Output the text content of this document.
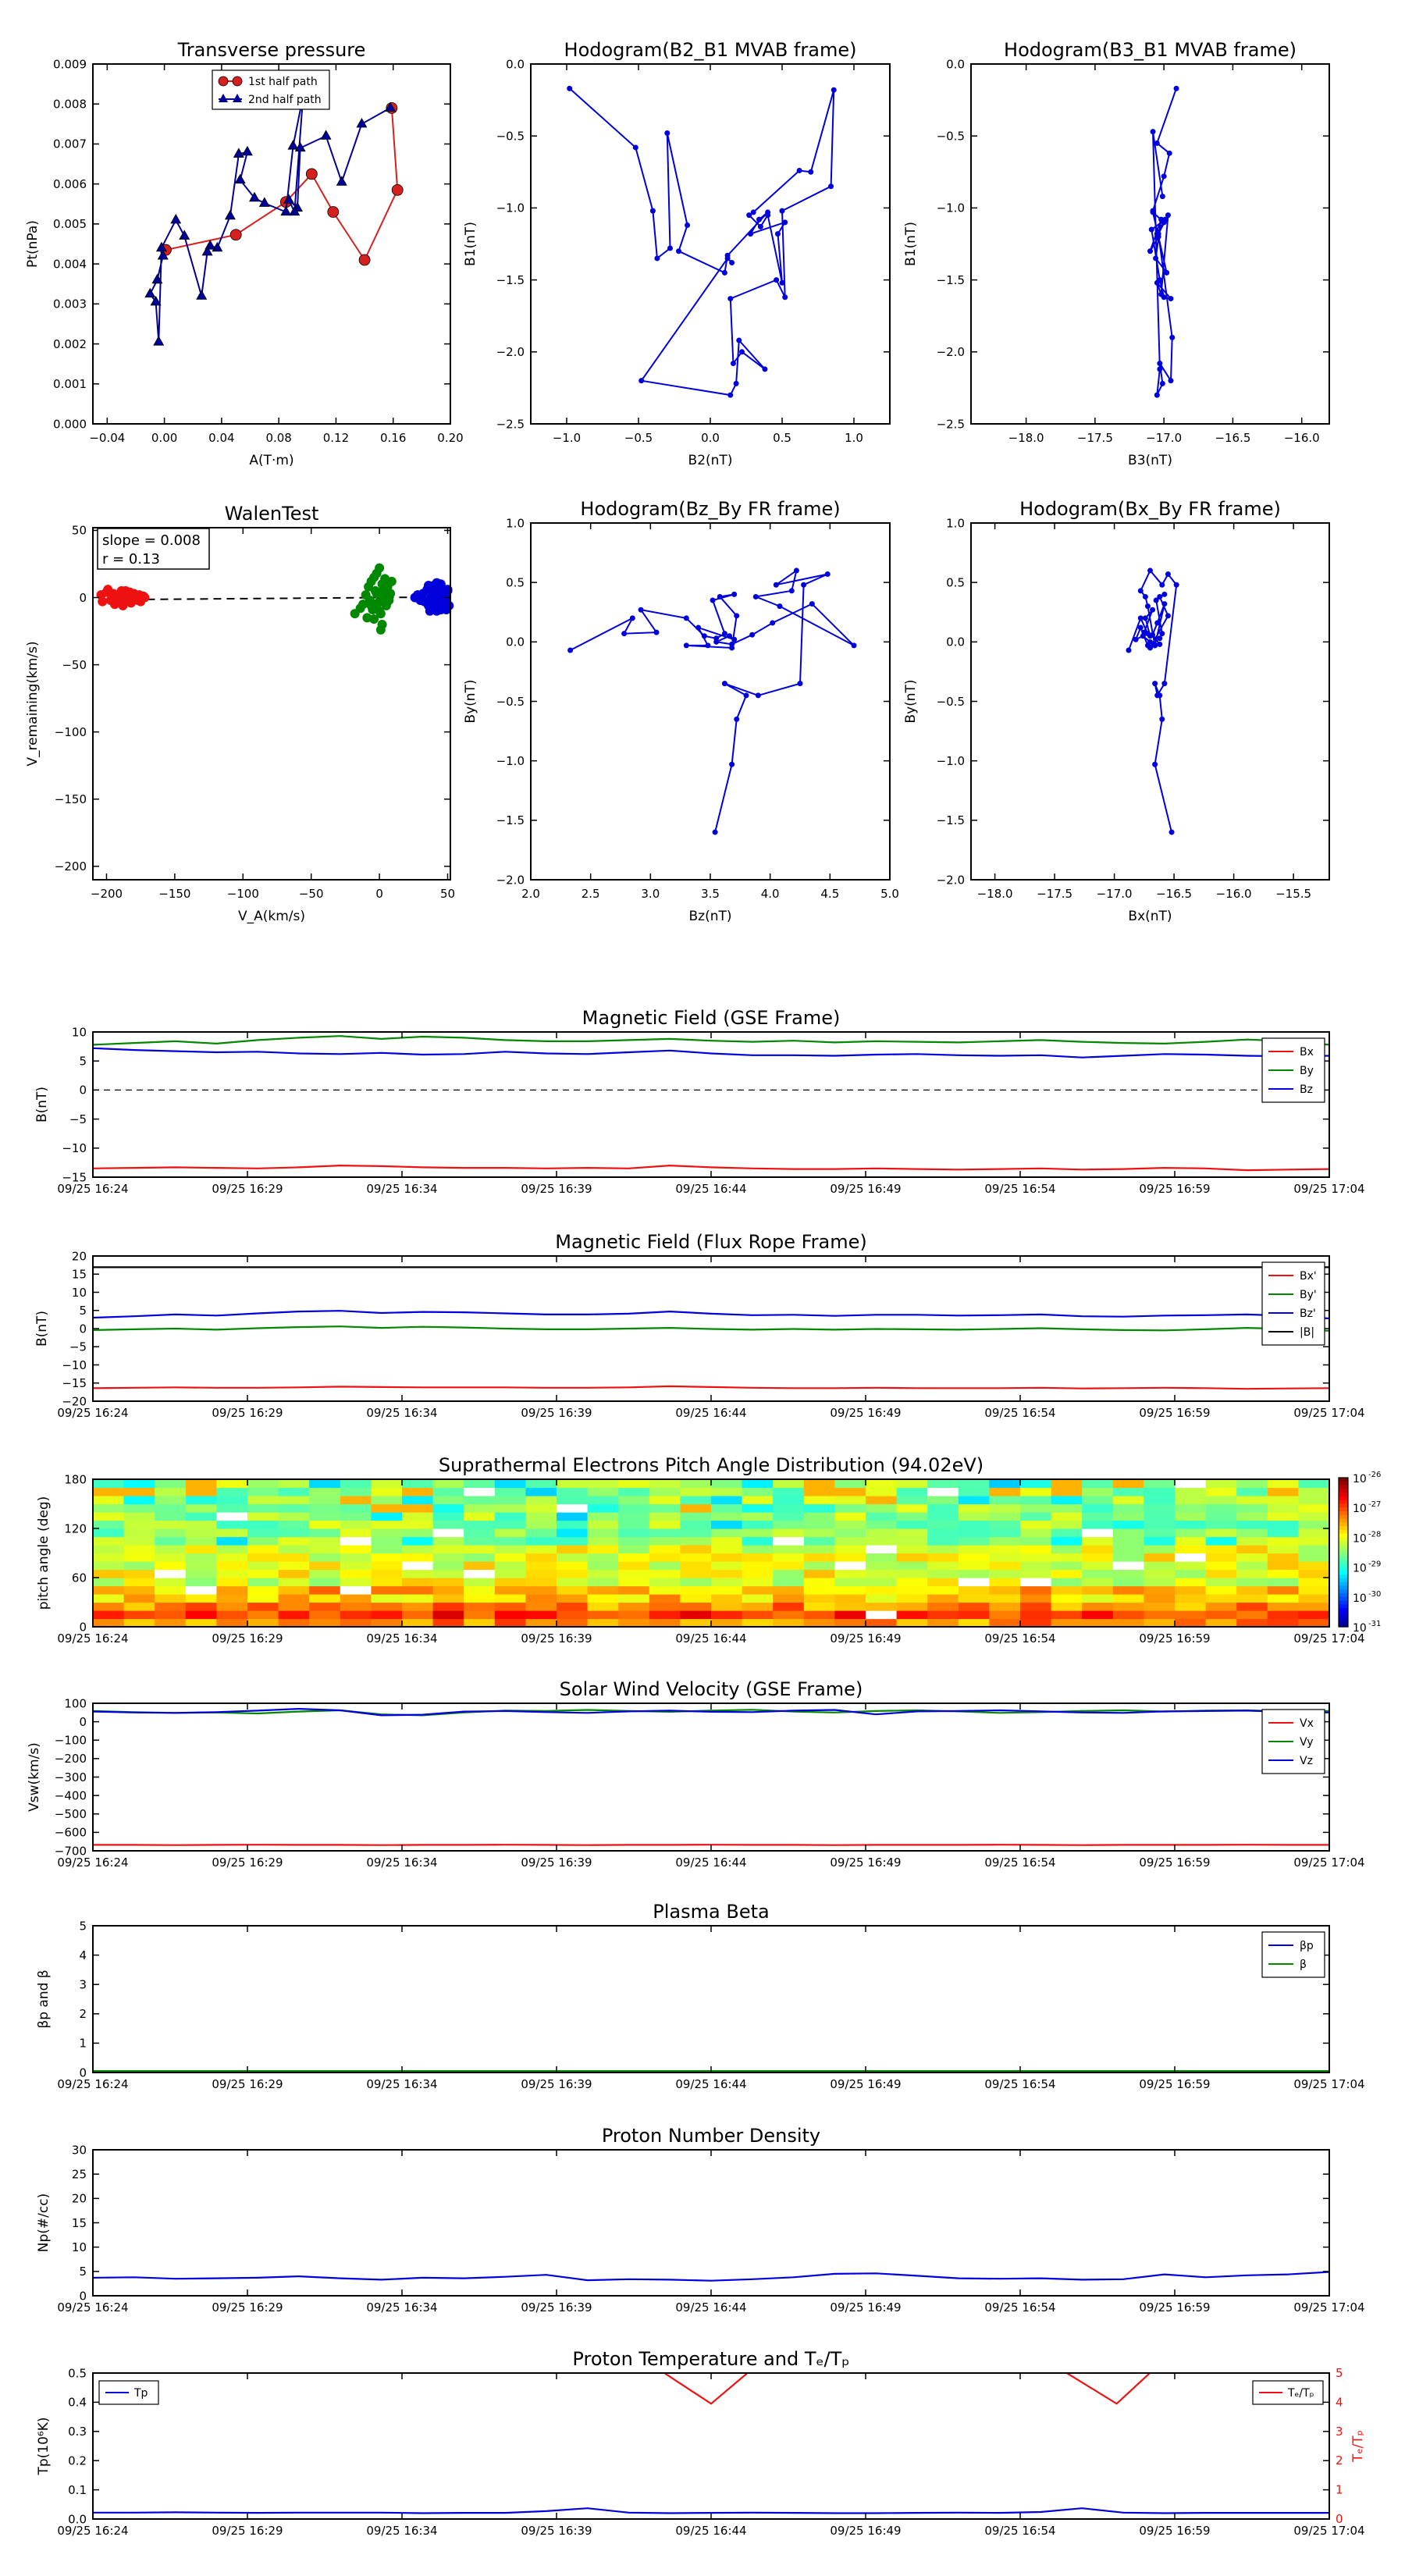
0.000
0.001
0.002
0.003
0.004
0.005
0.006
0.007
0.008
0.009
−0.04 0.00	0.04	0.08	0.12	0.16	0.20
Transverse pressure
Pt(nPa)
A(T·m)
1st half path
2nd half path
−2.5
−2.0
−1.5
−1.0
−0.5
0.0
−1.0	−0.5	0.0	0.5	1.0
Hodogram(B2_B1 MVAB frame)
B1(nT)
B2(nT)
−2.5
−2.0
−1.5
−1.0
−0.5
0.0
−18.0	−17.5	−17.0	−16.5	−16.0
Hodogram(B3_B1 MVAB frame)
B1(nT)
B3(nT)
−200
−150
−100
−50
0
50
−200	−150	−100	−50	0	50
WalenTest
V_remaining(km/s)
V_A(km/s)
slope = 0.008
r = 0.13
−2.0
−1.5
−1.0
−0.5
0.0
0.5
1.0
2.0	2.5	3.0	3.5	4.0	4.5	5.0
Hodogram(Bz_By FR frame)
By(nT)
Bz(nT)
−2.0
−1.5
−1.0
−0.5
0.0
0.5
1.0
−18.0 −17.5 −17.0 −16.5 −16.0 −15.5
Hodogram(Bx_By FR frame)
By(nT)
Bx(nT)
−15
−10
−5
0
5
10
09/25 16:24	09/25 16:29	09/25 16:34	09/25 16:39	09/25 16:44	09/25 16:49	09/25 16:54	09/25 16:59	09/25 17:04
Magnetic Field (GSE Frame)
B(nT)
Bx
By
Bz
−20
−15
−10
−5
0
5
10
15
20
09/25 16:24	09/25 16:29	09/25 16:34	09/25 16:39	09/25 16:44	09/25 16:49	09/25 16:54	09/25 16:59	09/25 17:04
Magnetic Field (Flux Rope Frame)
B(nT)
Bx'
By'
Bz'
|B|
0
60
120
180
09/25 16:24	09/25 16:29	09/25 16:34	09/25 16:39	09/25 16:44	09/25 16:49	09/25 16:54	09/25 16:59	09/25 17:04
Suprathermal Electrons Pitch Angle Distribution (94.02eV)
pitch angle (deg)
10 -26
10 -27
10 -28
10 -29
10 -30
10 -31
−700
−600
−500
−400
−300
−200
−100
0
100
09/25 16:24	09/25 16:29	09/25 16:34	09/25 16:39	09/25 16:44	09/25 16:49	09/25 16:54	09/25 16:59	09/25 17:04
Solar Wind Velocity (GSE Frame)
Vsw(km/s)
Vx
Vy
Vz
0
1
2
3
4
5
09/25 16:24	09/25 16:29	09/25 16:34	09/25 16:39	09/25 16:44	09/25 16:49	09/25 16:54	09/25 16:59	09/25 17:04
Plasma Beta
βp and β
βp
β
0
5
10
15
20
25
30
09/25 16:24	09/25 16:29	09/25 16:34	09/25 16:39	09/25 16:44	09/25 16:49	09/25 16:54	09/25 16:59	09/25 17:04
Proton Number Density
Np(#/cc)
0.0
0.1
0.2
0.3
0.4
0.5
0
1
2
3
4
5
09/25 16:24	09/25 16:29	09/25 16:34	09/25 16:39	09/25 16:44	09/25 16:49	09/25 16:54	09/25 16:59	09/25 17:04
Proton Temperature and Tₑ/Tₚ
Tp(10⁶K)	Tₑ/Tₚ
Tp	Tₑ/Tₚ
